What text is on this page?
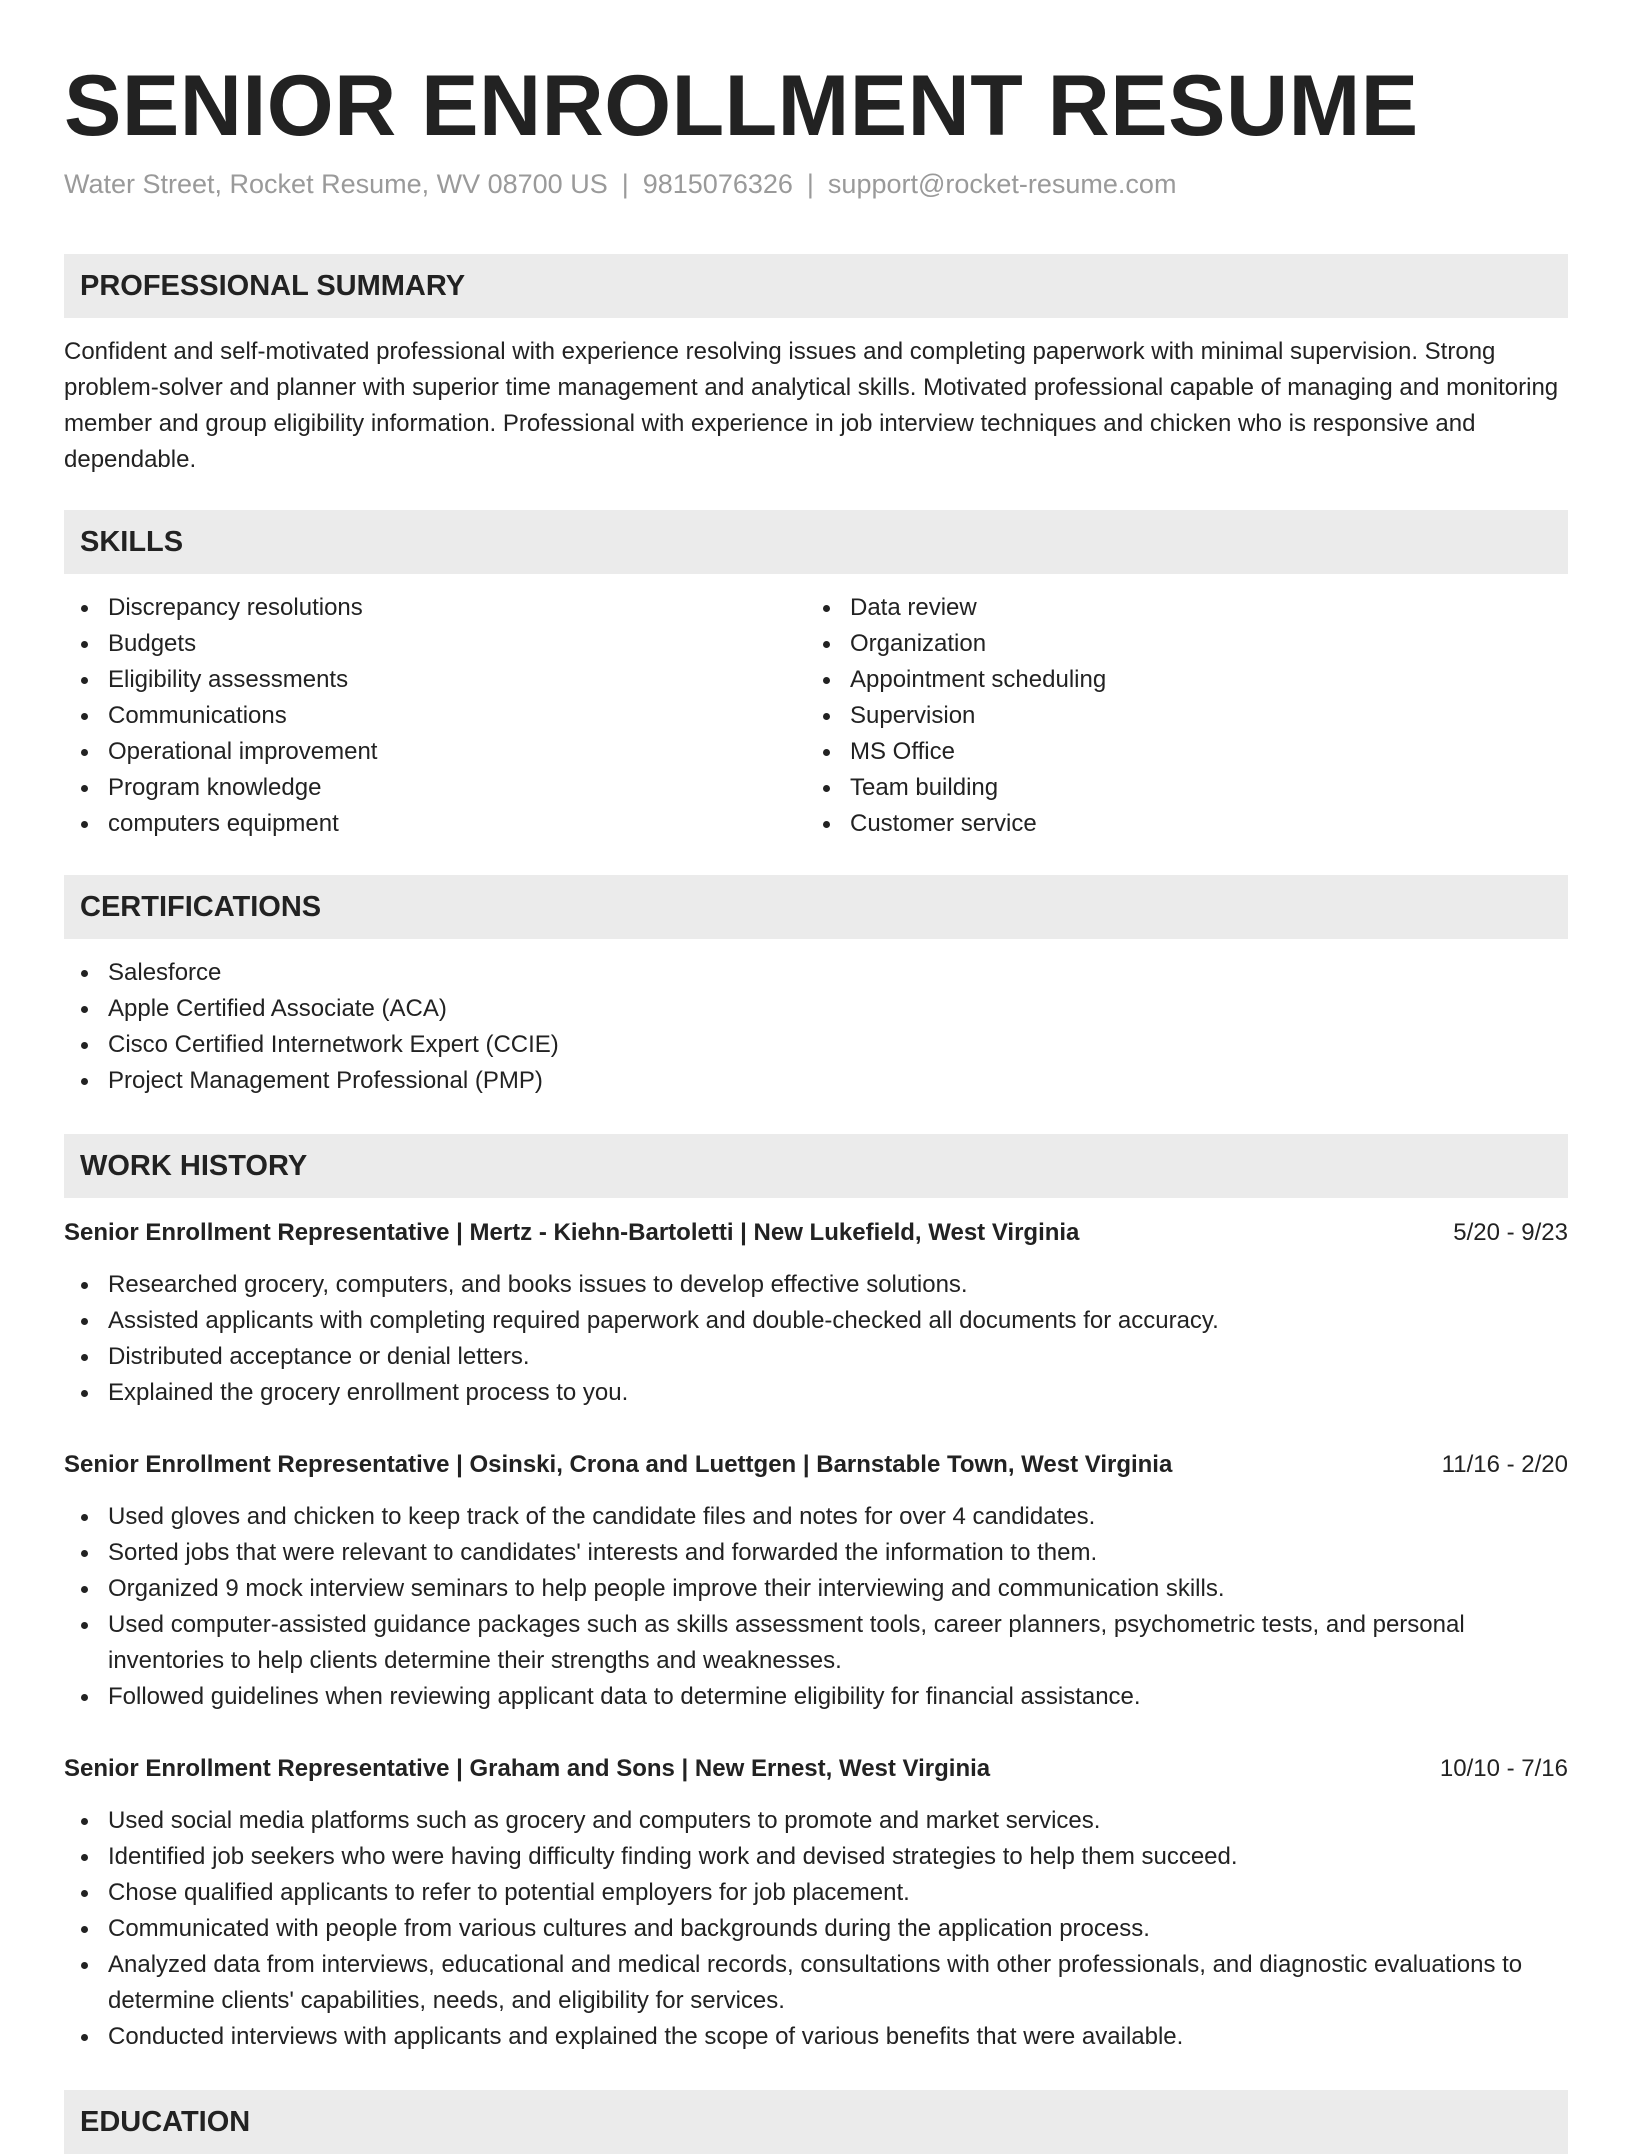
SENIOR ENROLLMENT RESUME
Water Street, Rocket Resume, WV 08700 US | 9815076326 | support@rocket-resume.com
PROFESSIONAL SUMMARY
Confident and self-motivated professional with experience resolving issues and completing paperwork with minimal supervision. Strong problem-solver and planner with superior time management and analytical skills. Motivated professional capable of managing and monitoring member and group eligibility information. Professional with experience in job interview techniques and chicken who is responsive and dependable.
SKILLS
Discrepancy resolutions
Budgets
Eligibility assessments
Communications
Operational improvement
Program knowledge
computers equipment
Data review
Organization
Appointment scheduling
Supervision
MS Office
Team building
Customer service
CERTIFICATIONS
Salesforce
Apple Certified Associate (ACA)
Cisco Certified Internetwork Expert (CCIE)
Project Management Professional (PMP)
WORK HISTORY
Senior Enrollment Representative | Mertz - Kiehn-Bartoletti | New Lukefield, West Virginia	5/20 - 9/23
Researched grocery, computers, and books issues to develop effective solutions.
Assisted applicants with completing required paperwork and double-checked all documents for accuracy.
Distributed acceptance or denial letters.
Explained the grocery enrollment process to you.
Senior Enrollment Representative | Osinski, Crona and Luettgen | Barnstable Town, West Virginia	11/16 - 2/20
Used gloves and chicken to keep track of the candidate files and notes for over 4 candidates.
Sorted jobs that were relevant to candidates' interests and forwarded the information to them.
Organized 9 mock interview seminars to help people improve their interviewing and communication skills.
Used computer-assisted guidance packages such as skills assessment tools, career planners, psychometric tests, and personal inventories to help clients determine their strengths and weaknesses.
Followed guidelines when reviewing applicant data to determine eligibility for financial assistance.
Senior Enrollment Representative | Graham and Sons | New Ernest, West Virginia	10/10 - 7/16
Used social media platforms such as grocery and computers to promote and market services.
Identified job seekers who were having difficulty finding work and devised strategies to help them succeed.
Chose qualified applicants to refer to potential employers for job placement.
Communicated with people from various cultures and backgrounds during the application process.
Analyzed data from interviews, educational and medical records, consultations with other professionals, and diagnostic evaluations to determine clients' capabilities, needs, and eligibility for services.
Conducted interviews with applicants and explained the scope of various benefits that were available.
EDUCATION
